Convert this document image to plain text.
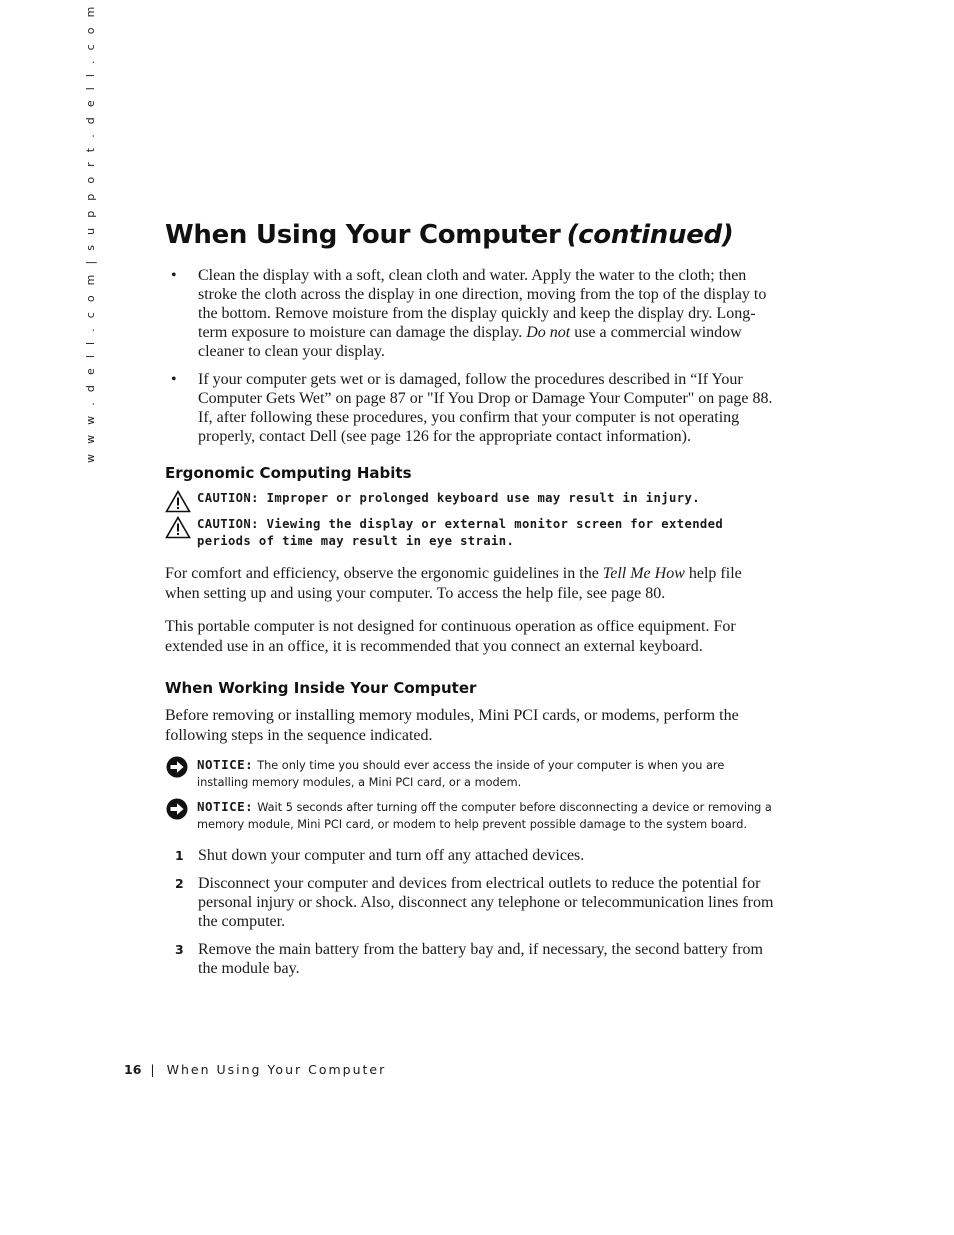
w w w . d e l l . c o m | s u p p o r t . d e l l . c o m	When Using Your Computer (continued)
• Clean the display with a soft, clean cloth and water. Apply the water to the cloth; then stroke the cloth across the display in one direction, moving from the top of the display to the bottom. Remove moisture from the display quickly and keep the display dry. Long-term exposure to moisture can damage the display. Do not use a commercial window cleaner to clean your display.
• If your computer gets wet or is damaged, follow the procedures described in “If Your Computer Gets Wet” on page 87 or "If You Drop or Damage Your Computer" on page 88. If, after following these procedures, you confirm that your computer is not operating properly, contact Dell (see page 126 for the appropriate contact information).
Ergonomic Computing Habits
CAUTION: Improper or prolonged keyboard use may result in injury.
CAUTION: Viewing the display or external monitor screen for extended periods of time may result in eye strain.

For comfort and efficiency, observe the ergonomic guidelines in the Tell Me How help file when setting up and using your computer. To access the help file, see page 80.

This portable computer is not designed for continuous operation as office equipment. For extended use in an office, it is recommended that you connect an external keyboard.

When Working Inside Your Computer

Before removing or installing memory modules, Mini PCI cards, or modems, perform the following steps in the sequence indicated.

NOTICE: The only time you should ever access the inside of your computer is when you are installing memory modules, a Mini PCI card, or a modem.
NOTICE: Wait 5 seconds after turning off the computer before disconnecting a device or removing a memory module, Mini PCI card, or modem to help prevent possible damage to the system board.
1 Shut down your computer and turn off any attached devices.
2 Disconnect your computer and devices from electrical outlets to reduce the potential for personal injury or shock. Also, disconnect any telephone or telecommunication lines from the computer.
3 Remove the main battery from the battery bay and, if necessary, the second battery from the module bay.
16 | When Using Your Computer
